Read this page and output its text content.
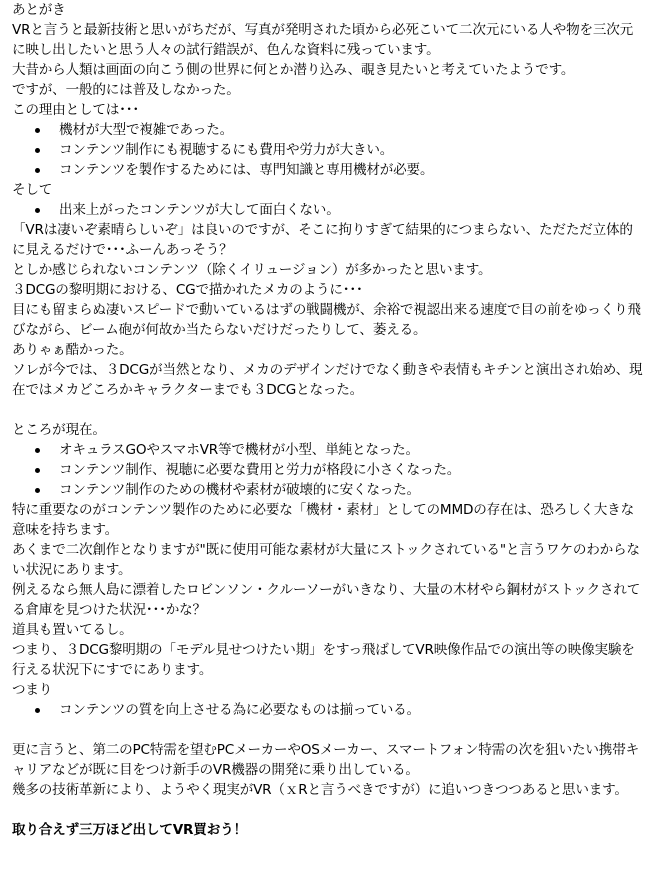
あとがき

VRと言うと最新技術と思いがちだが、写真が発明された頃から必死こいて二次元にいる人や物を三次元に映し出したいと思う人々の試行錯誤が、色んな資料に残っています。

大昔から人類は画面の向こう側の世界に何とか潜り込み、覗き見たいと考えていたようです。

ですが、一般的には普及しなかった。

この理由としては･･･

機材が大型で複雑であった。
コンテンツ制作にも視聴するにも費用や労力が大きい。
コンテンツを製作するためには、専門知識と専用機材が必要。

そして

出来上がったコンテンツが大して面白くない。

「VRは凄いぞ素晴らしいぞ」は良いのですが、そこに拘りすぎて結果的につまらない、ただただ立体的に見えるだけで･･･ふーんあっそう？

としか感じられないコンテンツ（除くイリュージョン）が多かったと思います。

３DCGの黎明期における、CGで描かれたメカのように･･･

目にも留まらぬ凄いスピードで動いているはずの戦闘機が、余裕で視認出来る速度で目の前をゆっくり飛びながら、ビーム砲が何故か当たらないだけだったりして、萎える。

ありゃぁ酷かった。

ソレが今では、３DCGが当然となり、メカのデザインだけでなく動きや表情もキチンと演出され始め、現在ではメカどころかキャラクターまでも３DCGとなった。

ところが現在。

オキュラスGOやスマホVR等で機材が小型、単純となった。
コンテンツ制作、視聴に必要な費用と労力が格段に小さくなった。
コンテンツ制作のための機材や素材が破壊的に安くなった。

特に重要なのがコンテンツ製作のために必要な「機材・素材」としてのMMDの存在は、恐ろしく大きな意味を持ちます。

あくまで二次創作となりますが"既に使用可能な素材が大量にストックされている"と言うワケのわからない状況にあります。

例えるなら無人島に漂着したロビンソン・クルーソーがいきなり、大量の木材やら鋼材がストックされてる倉庫を見つけた状況･･･かな？

道具も置いてるし。

つまり、３DCG黎明期の「モデル見せつけたい期」をすっ飛ばしてVR映像作品での演出等の映像実験を行える状況下にすでにあります。

つまり

コンテンツの質を向上させる為に必要なものは揃っている。

更に言うと、第二のPC特需を望むPCメーカーやOSメーカー、スマートフォン特需の次を狙いたい携帯キャリアなどが既に目をつけ新手のVR機器の開発に乗り出している。

幾多の技術革新により、ようやく現実がVR（ｘRと言うべきですが）に追いつきつつあると思います。

取り合えず三万ほど出してVR買おう！
